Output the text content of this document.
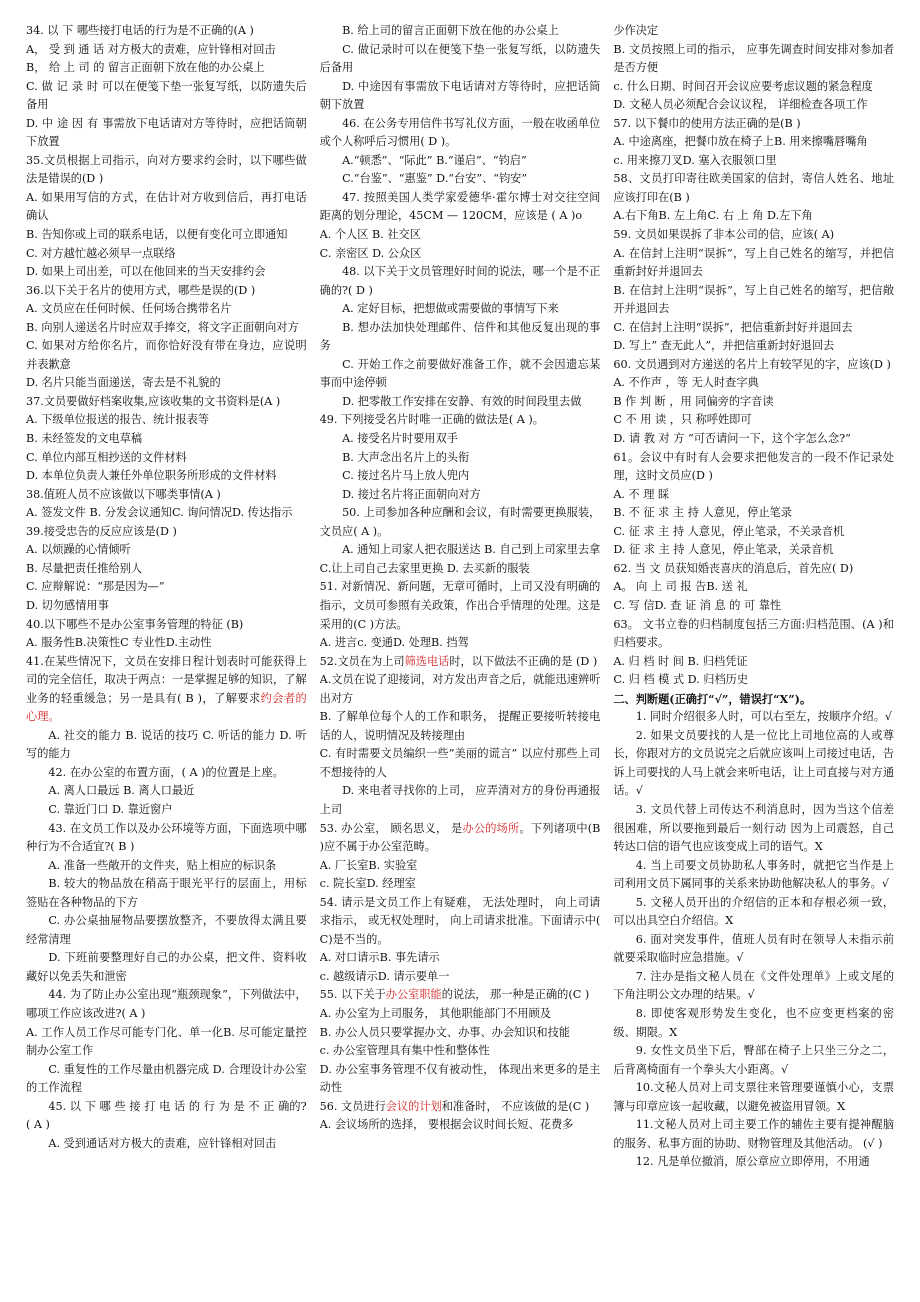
34. 以 下 哪些接打电话的行为是不正确的(A )

A， 受 到 通 话 对方极大的责难，应针锋相对回击

B， 给 上 司 的 留言正面朝下放在他的办公桌上

C. 做 记 录 时 可以在便笺下垫一张复写纸，以防遗失后备用

D. 中 途 因 有 事需放下电话请对方等待时，应把话筒朝下放置

35.文员根据上司指示，向对方要求约会时，以下哪些做法是错误的(D )

A. 如果用写信的方式，在估计对方收到信后，再打电话确认

B. 告知你或上司的联系电话，以便有变化可立即通知

C. 对方越忙越必须早一点联络

D. 如果上司出差，可以在他回来的当天安排约会

36.以下关于名片的使用方式，哪些是误的(D )

A. 文员应在任何时候、任何场合携带名片

B. 向别人递送名片时应双手捧交，将文字正面朝向对方

C. 如果对方给你名片，而你恰好没有带在身边，应说明并表歉意

D. 名片只能当面递送，寄去是不礼貌的

37.文员要做好档案收集,应该收集的文书资料是(A )

A. 下级单位报送的报告、统计报表等

B. 未经签发的文电草稿

C. 单位内部互相抄送的文件材料

D. 本单位负责人兼任外单位职务所形成的文件材料

38.值班人员不应该做以下哪类事情(A )

A. 签发文件 B. 分发会议通知C. 询问情况D. 传达指示

39.接受忠告的反应应该是(D )

A. 以烦躁的心情倾听

B. 尽量把责任推给别人

C. 应辩解说：“那是因为—”

D. 切勿感情用事

40.以下哪些不是办公室事务管理的特征 (B)

A. 服务性B.决策性C 专业性D.主动性

41.在某些情况下，文员在安排日程计划表时可能获得上司的完全信任，取决于两点：一是掌握足够的知识，了解业务的轻重缓急；另一是具有( B )，了解要求约会者的心理。

A. 社交的能力 B. 说话的技巧 C. 听话的能力 D. 听写的能力

42. 在办公室的布置方面，( A )的位置是上座。

A. 离人口最远 B. 离人口最近

C. 靠近门口 D. 靠近窗户

43. 在文员工作以及办公环境等方面，下面选项中哪种行为不合适宜?( B )

A. 准备一些敞开的文件夹，贴上相应的标识条

B. 较大的物品放在稍高于眼光平行的层面上，用标签贴在各种物品的下方

C. 办公桌抽屉物品要摆放整齐，不要放得太满且要经常清理

D. 下班前要整理好自己的办公桌，把文件、资料收藏好以免丢失和泄密

44. 为了防止办公室出现“瓶颈现象”，下列做法中，哪项工作应该改进?( A )

A. 工作人员工作尽可能专门化、单一化B. 尽可能定量控制办公室工作

C. 重复性的工作尽量由机器完成 D. 合理设计办公室的工作流程

45. 以 下 哪 些 接 打 电 话 的 行 为 是 不 正 确的?( A )

A. 受到通话对方极大的责难，应针锋相对回击

B. 给上司的留言正面朝下放在他的办公桌上

C. 做记录时可以在便笺下垫一张复写纸，以防遗失后备用

D. 中途因有事需放下电话请对方等待时，应把话筒朝下放置

46. 在公务专用信件书写礼仪方面，一般在收函单位或个人称呼后习惯用( D )。

A.“顿悉”、“际此” B.“谨启”、“钧启”

C.“台鉴”、“惠鉴” D.“台安”、“钧安”

47. 按照美国人类学家爱德华·霍尔博士对交往空间距离的划分理论，45CM — 120CM，应该是 ( A )o

A. 个人区 B. 社交区

C. 亲密区 D. 公众区

48. 以下关于文员管理好时间的说法，哪一个是不正确的?( D )

A. 定好目标，把想做或需要做的事情写下来

B. 想办法加快处理邮件、信件和其他反复出现的事务

C. 开始工作之前要做好准备工作，就不会因遗忘某事而中途停顿

D. 把零散工作安排在安静、有效的时间段里去做

49. 下列接受名片时唯一正确的做法是( A )。

A. 接受名片时要用双手

B. 大声念出名片上的头衔

C. 接过名片马上放人兜内

D. 接过名片将正面朝向对方

50. 上司参加各种应酬和会议，有时需要更换服装，文员应( A )。

A. 通知上司家人把衣服送达 B. 自己到上司家里去拿C.让上司自己去家里更换 D. 去买新的服装

51. 对新情况、新问题，无章可循时，上司又没有明确的指示，文员可参照有关政策，作出合乎情理的处理。这是采用的(C )方法。

A. 进言c. 变通D. 处理B. 挡驾

52.文员在为上司筛选电话时，以下做法不正确的是 (D )

A.文员在说了迎接词，对方发出声音之后，就能迅速辨听出对方

B. 了解单位每个人的工作和职务， 提醒正要接听转接电话的人，说明情况及转接理由

C. 有时需要文员编织一些”美丽的谎言” 以应付那些上司不想接待的人

D. 来电者寻找你的上司， 应弄清对方的身份再通报上司

53. 办公室， 顾名思义， 是办公的场所。下列诸项中(B )应不属于办公室范畴。

A. 厂长室B. 实验室

c. 院长室D. 经理室

54. 请示是文员工作上有疑难， 无法处理时， 向上司请求指示， 或无权处理时， 向上司请求批准。下面请示中( C)是不当的。

A. 对口请示B. 事先请示

c. 越级请示D. 请示要单一

55. 以下关于办公室职能的说法， 那一种是正确的(C )

A. 办公室为上司服务， 其他职能部门不用顾及

B. 办公人员只要掌握办文、办事、办会知识和技能

c. 办公室管理具有集中性和整体性

D. 办公室事务管理不仅有被动性， 体现出来更多的是主动性

56. 文员进行会议的计划和准备时， 不应该做的是(C )

A. 会议场所的选择， 要根据会议时间长短、花费多

少作决定

B. 文员按照上司的指示， 应事先调查时间安排对参加者是否方便

c. 什么日期、时间召开会议应要考虑议题的紧急程度

D. 文秘人员必须配合会议议程， 详细检查各项工作

57. 以下餐巾的使用方法正确的是(B )

A. 中途离座，把餐巾放在椅子上B. 用来擦嘴唇嘴角

c. 用来擦刀叉D. 塞入衣服领口里

58、文员打印寄往欧美国家的信封，寄信人姓名、地址应该打印在(B )

A.右下角B. 左上角C. 右 上 角 D.左下角

59. 文员如果误拆了非本公司的信，应该( A)

A. 在信封上注明“误拆”，写上自己姓名的缩写，并把信重新封好并退回去

B. 在信封上注明“误拆”，写上自己姓名的缩写，把信敞开并退回去

C. 在信封上注明“误拆”，把信重新封好并退回去

D. 写上” 查无此人”，并把信重新封好退回去

60. 文员遇到对方递送的名片上有较罕见的字，应该(D )

A. 不作声 ，等 无人时查字典

B 作 判 断 ，用 同偏旁的字音读

C 不 用 读 ，只 称呼姓即可

D. 请 教 对 方 “可否请问一下，这个字怎么念?”

61。会议中有时有人会要求把他发言的一段不作记录处理，这时文员应(D )

A. 不 理 睬

B. 不 征 求 主 持 人意见，停止笔录

C. 征 求 主 持 人意见，停止笔录，不关录音机

D. 征 求 主 持 人意见，停止笔录，关录音机

62. 当 文 员获知婚丧喜庆的消息后，首先应( D)

A。 向 上 司 报 告B. 送 礼

C. 写 信D. 查 证 消 息 的 可 靠性

63。 文书立卷的归档制度包括三方面:归档范围、(A )和归档要求。

A. 归 档 时 间 B. 归档凭证

C. 归 档 模 式 D. 归档历史

二、判断题(正确打“√”，错误打“X”)。

1. 同时介绍很多人时，可以右至左，按顺序介绍。√

2. 如果文员要找的人是一位比上司地位高的人或尊长，你跟对方的文员说完之后就应该叫上司接过电话，告诉上司要找的人马上就会来听电话，让上司直接与对方通话。√

3. 文员代替上司传达不利消息时，因为当这个信差很困难，所以要拖到最后一刻行动 因为上司震怒，自己转达口信的语气也应该变成上司的语气。X

4. 当上司要文员协助私人事务时，就把它当作是上司利用文员下属同事的关系来协助他解决私人的事务。√

5. 文秘人员开出的介绍信的正本和存根必须一致，可以出具空白介绍信。X

6. 面对突发事件，值班人员有时在领导人未指示前就要采取临时应急措施。√

7. 注办是指文秘人员在《文件处理单》上或文尾的下角注明公文办理的结果。√

8. 即使客观形势发生变化，也不应变更档案的密级、期限。X

9. 女性文员坐下后，臀部在椅子上只坐三分之二，后背离椅面有一个拳头大小距离。√

10.文秘人员对上司支票往来管理要谨慎小心，支票簿与印章应该一起收藏，以避免被盗用冒领。X

11.文秘人员对上司主要工作的辅佐主要有提神醒脑的服务、私事方面的协助、财物管理及其他活动。 (√ )

12. 凡是单位撤消，原公章应立即停用，不用通
